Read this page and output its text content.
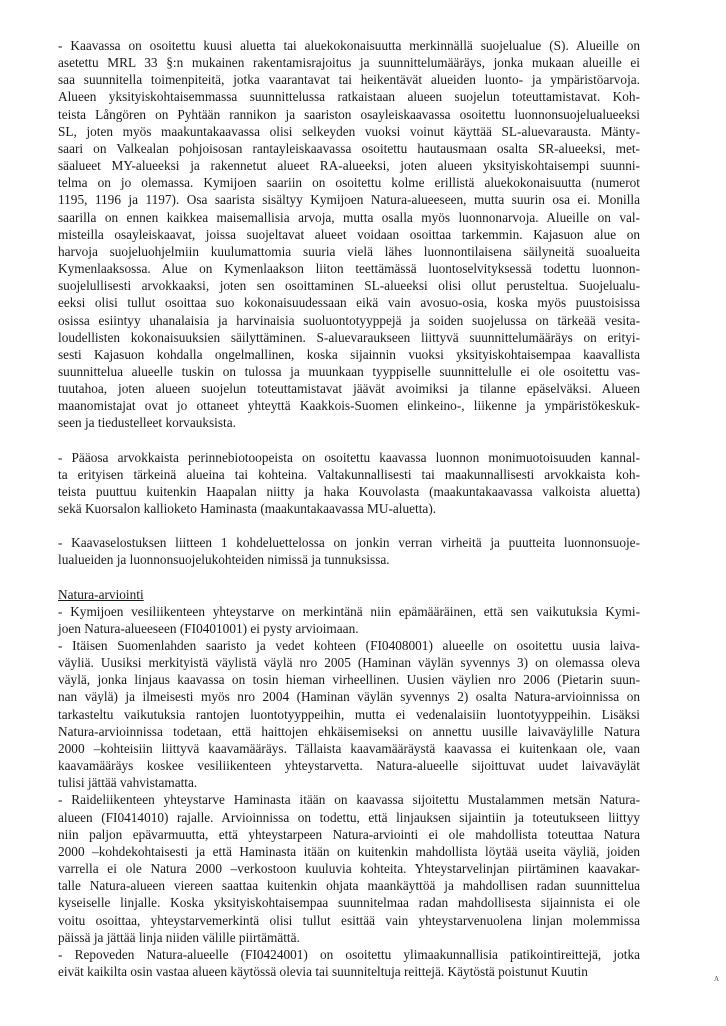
- Kaavassa on osoitettu kuusi aluetta tai aluekokonaisuutta merkinnällä suojelualue (S). Alueille on
asetettu MRL 33 §:n mukainen rakentamisrajoitus ja suunnittelumääräys, jonka mukaan alueille ei
saa suunnitella toimenpiteitä, jotka vaarantavat tai heikentävät alueiden luonto- ja ympäristöarvoja.
Alueen yksityiskohtaisemmassa suunnittelussa ratkaistaan alueen suojelun toteuttamistavat. Koh-
teista Långören on Pyhtään rannikon ja saariston osayleiskaavassa osoitettu luonnonsuojelualueeksi
SL, joten myös maakuntakaavassa olisi selkeyden vuoksi voinut käyttää SL-aluevarausta. Mänty-
saari on Valkealan pohjoisosan rantayleiskaavassa osoitettu hautausmaan osalta SR-alueeksi, met-
säalueet MY-alueeksi ja rakennetut alueet RA-alueeksi, joten alueen yksityiskohtaisempi suunni-
telma on jo olemassa. Kymijoen saariin on osoitettu kolme erillistä aluekokonaisuutta (numerot
1195, 1196 ja 1197). Osa saarista sisältyy Kymijoen Natura-alueeseen, mutta suurin osa ei. Monilla
saarilla on ennen kaikkea maisemallisia arvoja, mutta osalla myös luonnonarvoja. Alueille on val-
misteilla osayleiskaavat, joissa suojeltavat alueet voidaan osoittaa tarkemmin. Kajasuon alue on
harvoja suojeluohjelmiin kuulumattomia suuria vielä lähes luonnontilaisena säilyneitä suoalueita
Kymenlaaksossa. Alue on Kymenlaakson liiton teettämässä luontoselvityksessä todettu luonnon-
suojelullisesti arvokkaaksi, joten sen osoittaminen SL-alueeksi olisi ollut perusteltua. Suojelualu-
eeksi olisi tullut osoittaa suo kokonaisuudessaan eikä vain avosuo-osia, koska myös puustoisissa
osissa esiintyy uhanalaisia ja harvinaisia suoluontotyyppejä ja soiden suojelussa on tärkeää vesita-
loudellisten kokonaisuuksien säilyttäminen. S-aluevaraukseen liittyvä suunnittelumääräys on erityi-
sesti Kajasuon kohdalla ongelmallinen, koska sijainnin vuoksi yksityiskohtaisempaa kaavallista
suunnittelua alueelle tuskin on tulossa ja muunkaan tyyppiselle suunnittelulle ei ole osoitettu vas-
tuutahoa, joten alueen suojelun toteuttamistavat jäävät avoimiksi ja tilanne epäselväksi. Alueen
maanomistajat ovat jo ottaneet yhteyttä Kaakkois-Suomen elinkeino-, liikenne ja ympäristökeskuk-
seen ja tiedustelleet korvauksista.
- Pääosa arvokkaista perinnebiotoopeista on osoitettu kaavassa luonnon monimuotoisuuden kannal-
ta erityisen tärkeinä alueina tai kohteina. Valtakunnallisesti tai maakunnallisesti arvokkaista koh-
teista puuttuu kuitenkin Haapalan niitty ja haka Kouvolasta (maakuntakaavassa valkoista aluetta)
sekä Kuorsalon kallioketo Haminasta (maakuntakaavassa MU-aluetta).
- Kaavaselostuksen liitteen 1 kohdeluettelossa on jonkin verran virheitä ja puutteita luonnonsuoje-
lualueiden ja luonnonsuojelukohteiden nimissä ja tunnuksissa.
Natura-arviointi
- Kymijoen vesiliikenteen yhteystarve on merkintänä niin epämääräinen, että sen vaikutuksia Kymi-
joen Natura-alueeseen (FI0401001) ei pysty arvioimaan.
- Itäisen Suomenlahden saaristo ja vedet kohteen (FI0408001) alueelle on osoitettu uusia laiva-
väyliä. Uusiksi merkityistä väylistä väylä nro 2005 (Haminan väylän syvennys 3) on olemassa oleva
väylä, jonka linjaus kaavassa on tosin hieman virheellinen. Uusien väylien nro 2006 (Pietarin suun-
nan väylä) ja ilmeisesti myös nro 2004 (Haminan väylän syvennys 2) osalta Natura-arvioinnissa on
tarkasteltu vaikutuksia rantojen luontotyyppeihin, mutta ei vedenalaisiin luontotyyppeihin. Lisäksi
Natura-arvioinnissa todetaan, että haittojen ehkäisemiseksi on annettu uusille laivaväylille Natura
2000 –kohteisiin liittyvä kaavamääräys. Tällaista kaavamääräystä kaavassa ei kuitenkaan ole, vaan
kaavamääräys koskee vesiliikenteen yhteystarvetta. Natura-alueelle sijoittuvat uudet laivaväylät
tulisi jättää vahvistamatta.
- Raideliikenteen yhteystarve Haminasta itään on kaavassa sijoitettu Mustalammen metsän Natura-
alueen (FI0414010) rajalle. Arvioinnissa on todettu, että linjauksen sijaintiin ja toteutukseen liittyy
niin paljon epävarmuutta, että yhteystarpeen Natura-arviointi ei ole mahdollista toteuttaa Natura
2000 –kohdekohtaisesti ja että Haminasta itään on kuitenkin mahdollista löytää useita väyliä, joiden
varrella ei ole Natura 2000 –verkostoon kuuluvia kohteita. Yhteystarvelinjan piirtäminen kaavakar-
talle Natura-alueen viereen saattaa kuitenkin ohjata maankäyttöä ja mahdollisen radan suunnittelua
kyseiselle linjalle. Koska yksityiskohtaisempaa suunnitelmaa radan mahdollisesta sijainnista ei ole
voitu osoittaa, yhteystarvemerkintä olisi tullut esittää vain yhteystarvenuolena linjan molemmissa
päissä ja jättää linja niiden välille piirtämättä.
- Repoveden Natura-alueelle (FI0424001) on osoitettu ylimaakunnallisia patikointireittejä, jotka
eivät kaikilta osin vastaa alueen käytössä olevia tai suunniteltuja reittejä. Käytöstä poistunut Kuutin
A
